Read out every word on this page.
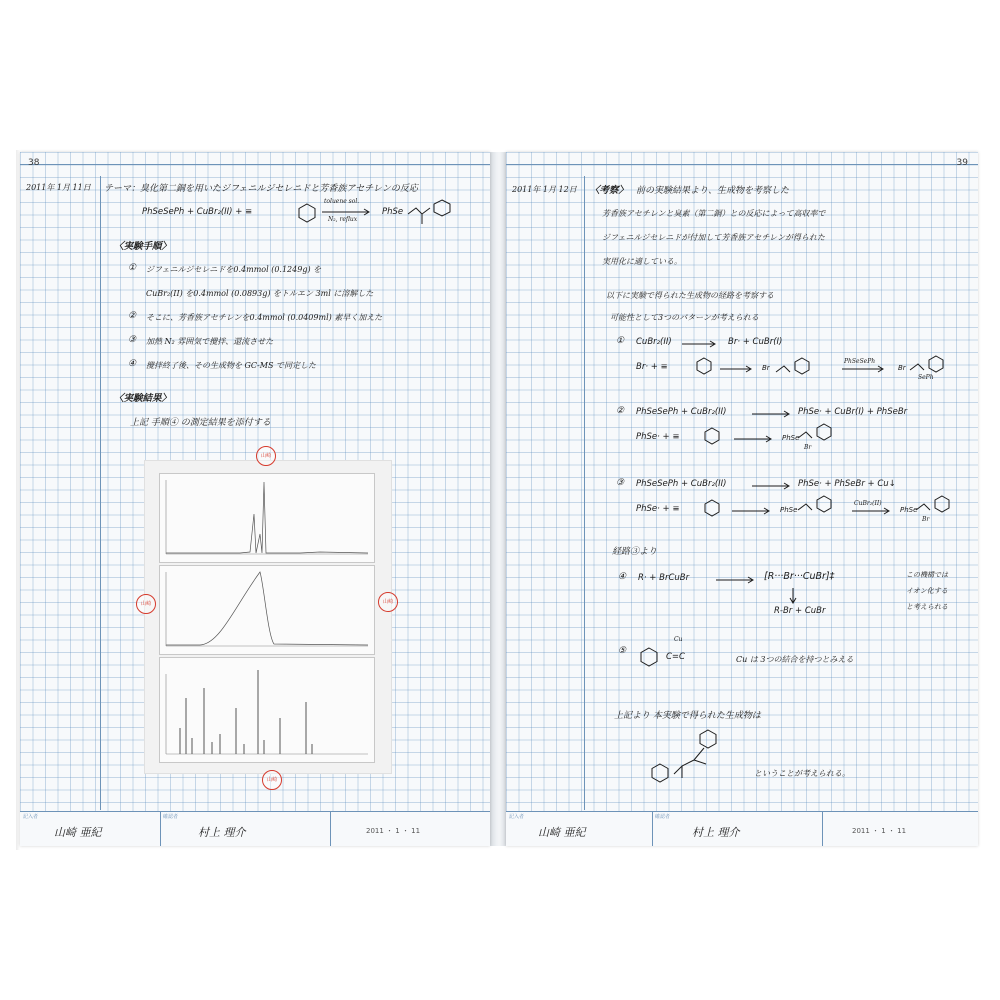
38
2011年 1月 11日 テーマ：臭化第二銅を用いたジフェニルジセレニドと芳香族アセチレンの反応
PhSeSePh + CuBr₂(II) + ≡
toluene sol.
N₂, reflux
PhSe
〈実験手順〉
① ジフェニルジセレニドを0.4mmol (0.1249g) を
CuBr₂(II) を0.4mmol (0.0893g) をトルエン 3ml に溶解した
② そこに、芳香族アセチレンを0.4mmol (0.0409ml) 素早く加えた
③ 加熱 N₂ 雰囲気で攪拌、還流させた
④ 攪拌終了後、その生成物を GC-MS で同定した
〈実験結果〉
上記 手順④ の測定結果を添付する
山崎
山崎	山崎
山崎
記入者
山崎 亜紀
確認者
村上 理介	2011 ・ 1 ・ 11
39
2011年 1月 12日 〈考察〉 前の実験結果より、生成物を考察した
芳香族アセチレンと臭素（第二銅）との反応によって高収率で
ジフェニルジセレニドが付加して芳香族アセチレンが得られた
実用化に適している。
以下に実験で得られた生成物の経路を考察する
可能性として3つのパターンが考えられる
① CuBr₂(II) → Br· + CuBr(I)
Br· + ≡	→ Br
PhSeSePh
→ Br
SePh
② PhSeSePh + CuBr₂(II) → PhSe· + CuBr(I) + PhSeBr
PhSe· + ≡	→ PhSe
Br
③ PhSeSePh + CuBr₂(II) → PhSe· + PhSeBr + Cu↓
PhSe· + ≡	→ PhSe
CuBr₂(II)
→ PhSe
Br
経路③より
④ R· + BrCuBr → [R···Br···CuBr]‡
R-Br + CuBr
この機構では
イオン化する
と考えられる
⑤
Cu
C=C	Cu は 3つの結合を持つとみえる
上記より 本実験で得られた生成物は
ということが考えられる。
記入者
山崎 亜紀
確認者
村上 理介	2011 ・ 1 ・ 11
